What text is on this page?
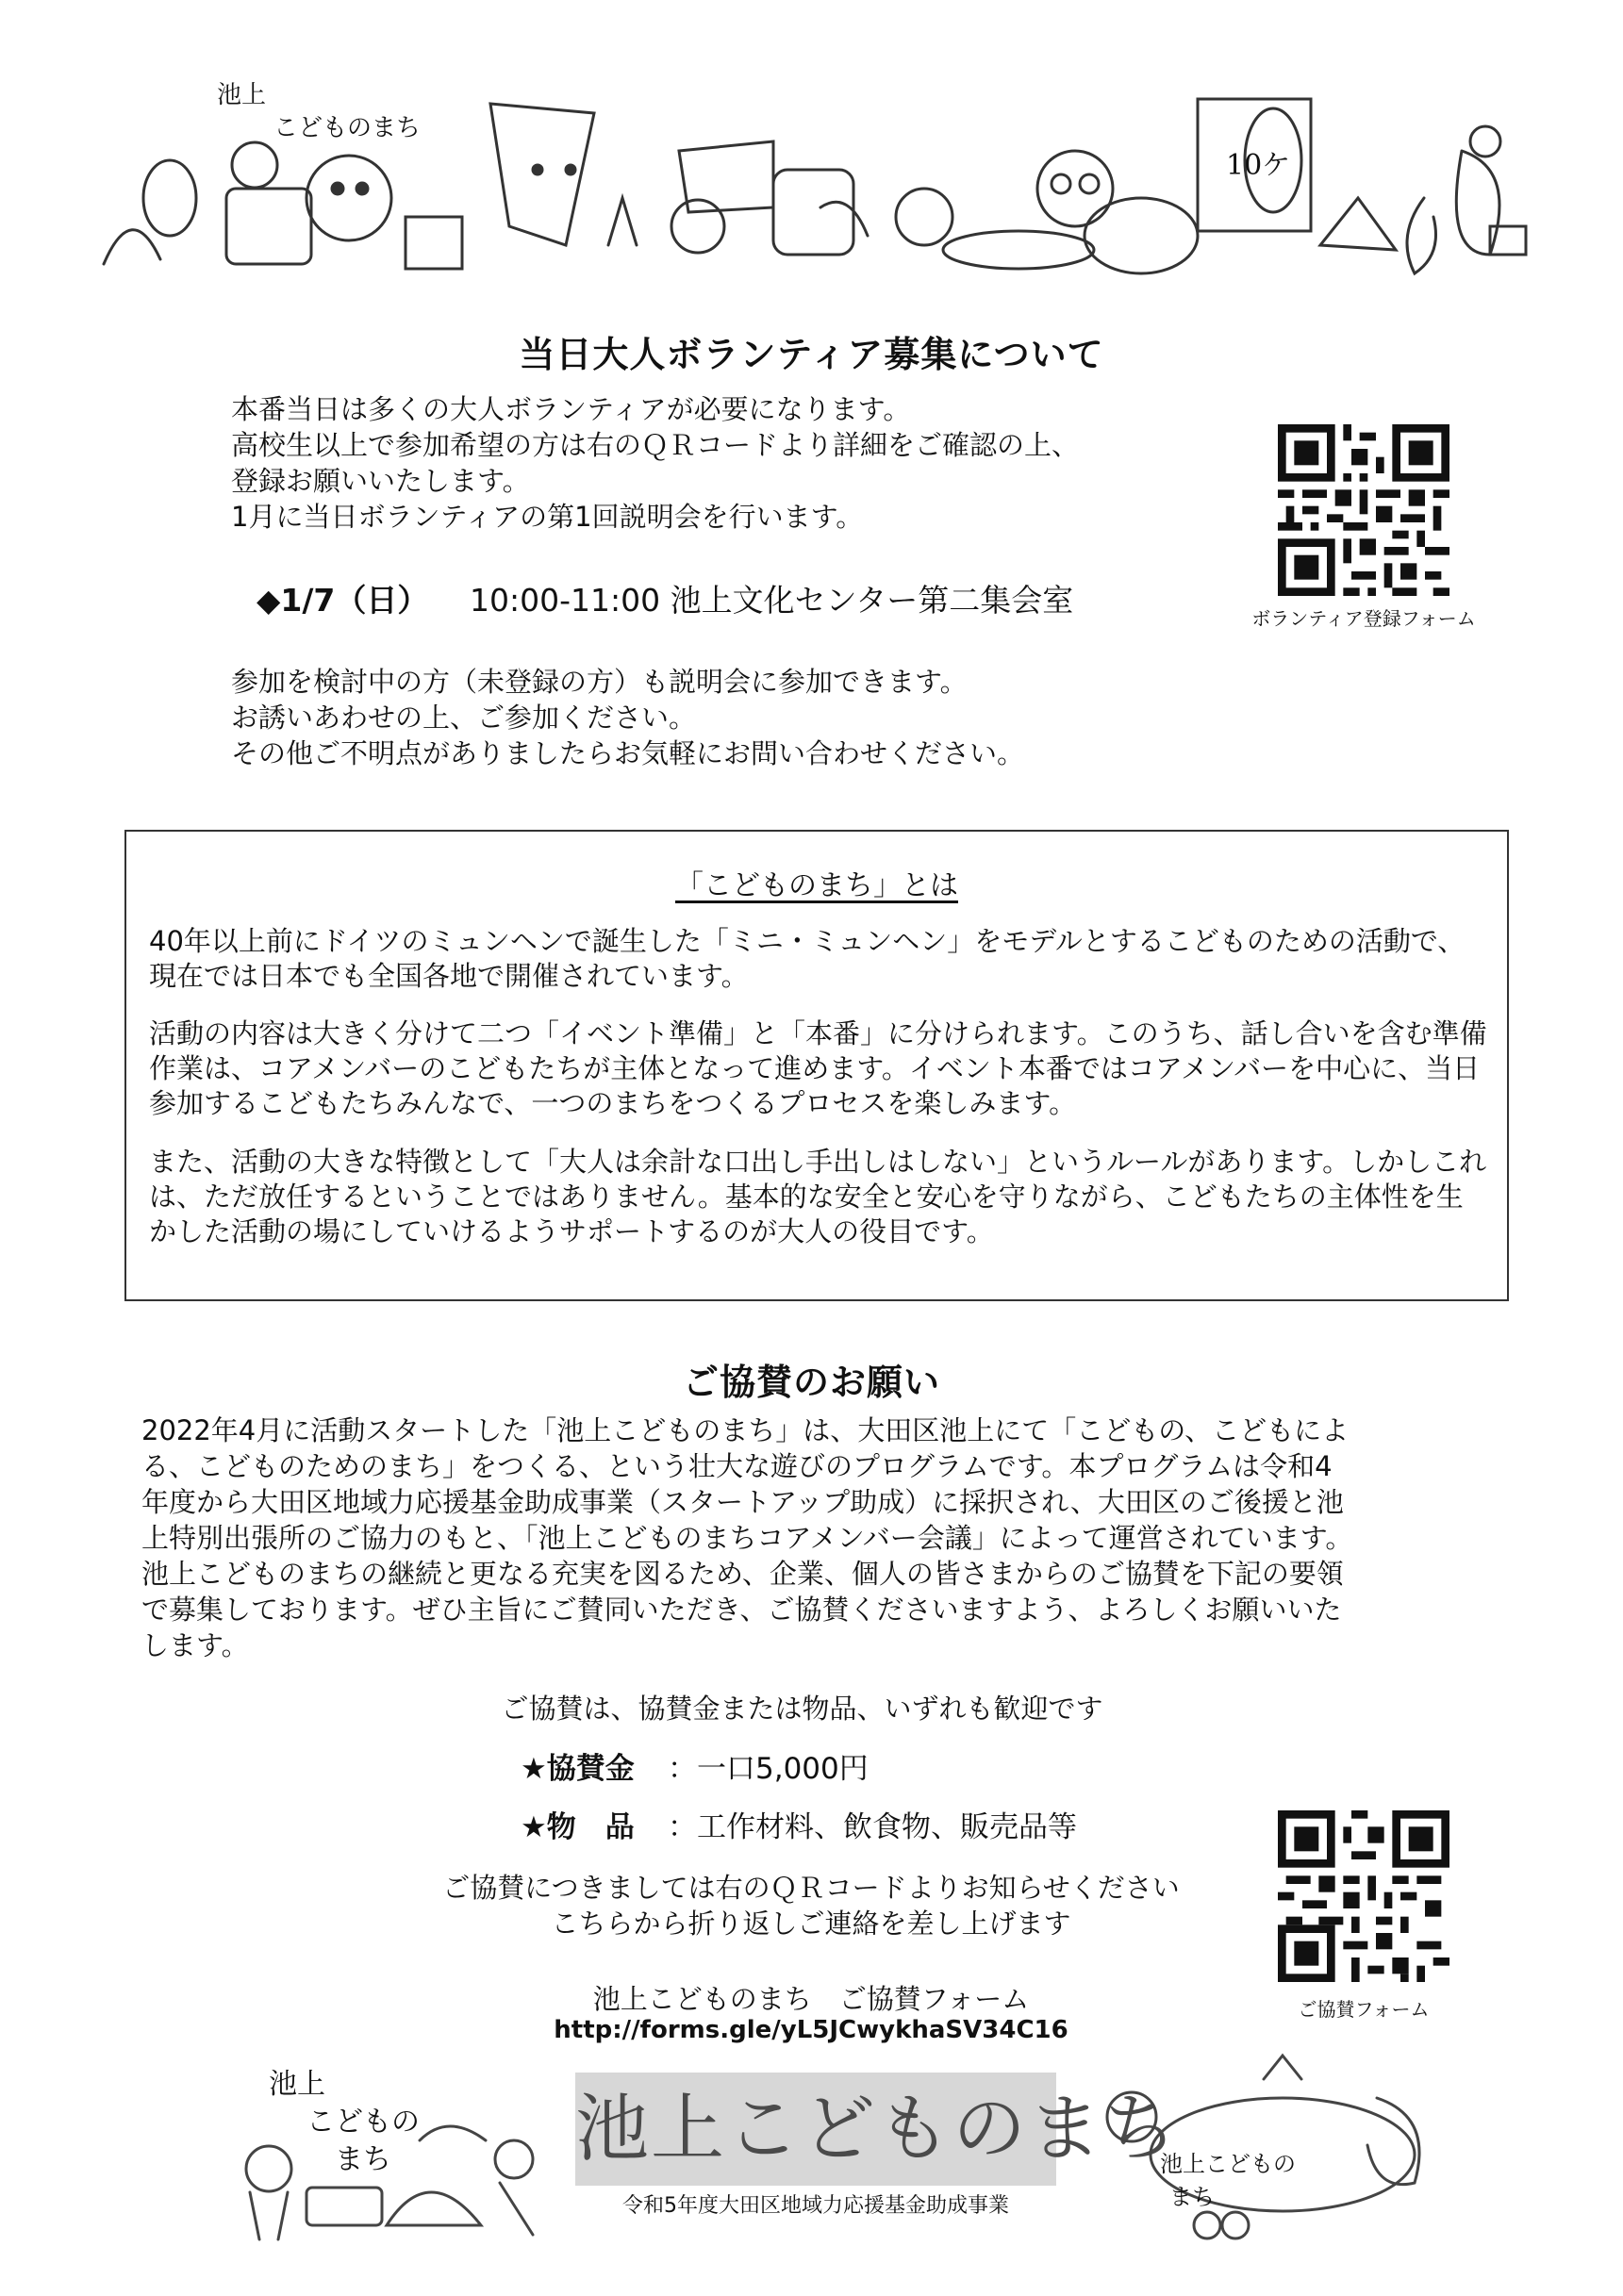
池上
こどものまち
10ケ
当日大人ボランティア募集について
本番当日は多くの大人ボランティアが必要になります。
高校生以上で参加希望の方は右のＱＲコードより詳細をご確認の上、
登録お願いいたします。
1月に当日ボランティアの第1回説明会を行います。
◆1/7（日） 10:00-11:00 池上文化センター第二集会室	ボランティア登録フォーム
参加を検討中の方（未登録の方）も説明会に参加できます。
お誘いあわせの上、ご参加ください。
その他ご不明点がありましたらお気軽にお問い合わせください。
「こどものまち」とは
40年以上前にドイツのミュンヘンで誕生した「ミニ・ミュンヘン」をモデルとするこどものための活動で、現在では日本でも全国各地で開催されています。
活動の内容は大きく分けて二つ「イベント準備」と「本番」に分けられます。このうち、話し合いを含む準備作業は、コアメンバーのこどもたちが主体となって進めます。イベント本番ではコアメンバーを中心に、当日参加するこどもたちみんなで、一つのまちをつくるプロセスを楽しみます。
また、活動の大きな特徴として「大人は余計な口出し手出しはしない」というルールがあります。しかしこれは、ただ放任するということではありません。基本的な安全と安心を守りながら、こどもたちの主体性を生かした活動の場にしていけるようサポートするのが大人の役目です。
ご協賛のお願い
2022年4月に活動スタートした「池上こどものまち」は、大田区池上にて「こどもの、こどもによ
る、こどものためのまち」をつくる、という壮大な遊びのプログラムです。本プログラムは令和4
年度から大田区地域力応援基金助成事業（スタートアップ助成）に採択され、大田区のご後援と池
上特別出張所のご協力のもと、「池上こどものまちコアメンバー会議」によって運営されています。
池上こどものまちの継続と更なる充実を図るため、企業、個人の皆さまからのご協賛を下記の要領
で募集しております。ぜひ主旨にご賛同いただき、ご協賛くださいますよう、よろしくお願いいた
します。
ご協賛は、協賛金または物品、いずれも歓迎です
★協賛金 ：一口5,000円
★物　品 ：工作材料、飲食物、販売品等
ご協賛につきましては右のＱＲコードよりお知らせください
こちらから折り返しご連絡を差し上げます
池上こどものまち　ご協賛フォーム
http://forms.gle/yL5JCwykhaSV34C16
ご協賛フォーム
池上
こどもの
まち	池上こどものまち
令和5年度大田区地域力応援基金助成事業
池上こどもの
まち
